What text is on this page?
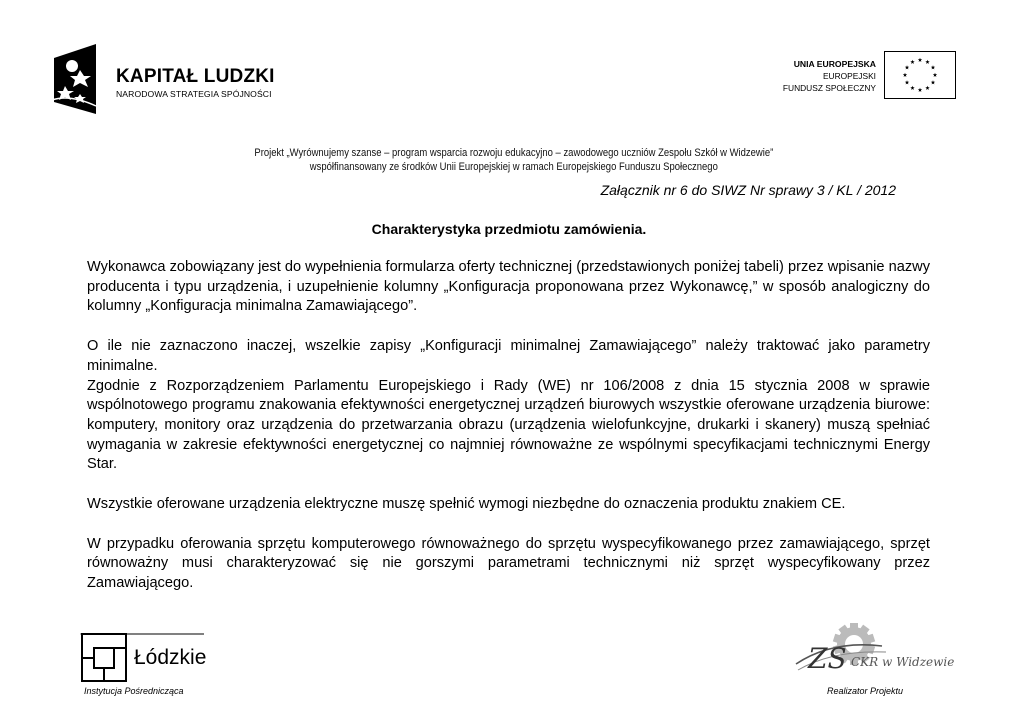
KAPITAŁ LUDZKI
NARODOWA STRATEGIA SPÓJNOŚCI
UNIA EUROPEJSKA
EUROPEJSKI
FUNDUSZ SPOŁECZNY
Projekt „Wyrównujemy szanse – program wsparcia rozwoju edukacyjno – zawodowego uczniów Zespołu Szkół w Widzewie”
współfinansowany ze środków Unii Europejskiej w ramach Europejskiego Funduszu Społecznego
Załącznik nr 6 do SIWZ Nr sprawy 3 / KL / 2012
Charakterystyka przedmiotu zamówienia.

Wykonawca zobowiązany jest do wypełnienia formularza oferty technicznej (przedstawionych poniżej tabeli) przez wpisanie nazwy producenta i typu urządzenia, i uzupełnienie kolumny „Konfiguracja proponowana przez Wykonawcę,” w sposób analogiczny do kolumny „Konfiguracja minimalna Zamawiającego”.

O ile nie zaznaczono inaczej, wszelkie zapisy „Konfiguracji minimalnej Zamawiającego” należy traktować jako parametry minimalne.

Zgodnie z Rozporządzeniem Parlamentu Europejskiego i Rady (WE) nr 106/2008 z dnia 15 stycznia 2008 w sprawie wspólnotowego programu znakowania efektywności energetycznej urządzeń biurowych wszystkie oferowane urządzenia biurowe: komputery, monitory oraz urządzenia do przetwarzania obrazu (urządzenia wielofunkcyjne, drukarki i skanery) muszą spełniać wymagania w zakresie efektywności energetycznej co najmniej równoważne ze wspólnymi specyfikacjami technicznymi Energy Star.

Wszystkie oferowane urządzenia elektryczne muszę spełnić wymogi niezbędne do oznaczenia produktu znakiem CE.

W przypadku oferowania sprzętu komputerowego równoważnego do sprzętu wyspecyfikowanego przez zamawiającego, sprzęt równoważny musi charakteryzować się nie gorszymi parametrami technicznymi niż sprzęt wyspecyfikowany przez Zamawiającego.

Łódzkie
Instytucja Pośrednicząca
ZS CKR w Widzewie
Realizator Projektu
